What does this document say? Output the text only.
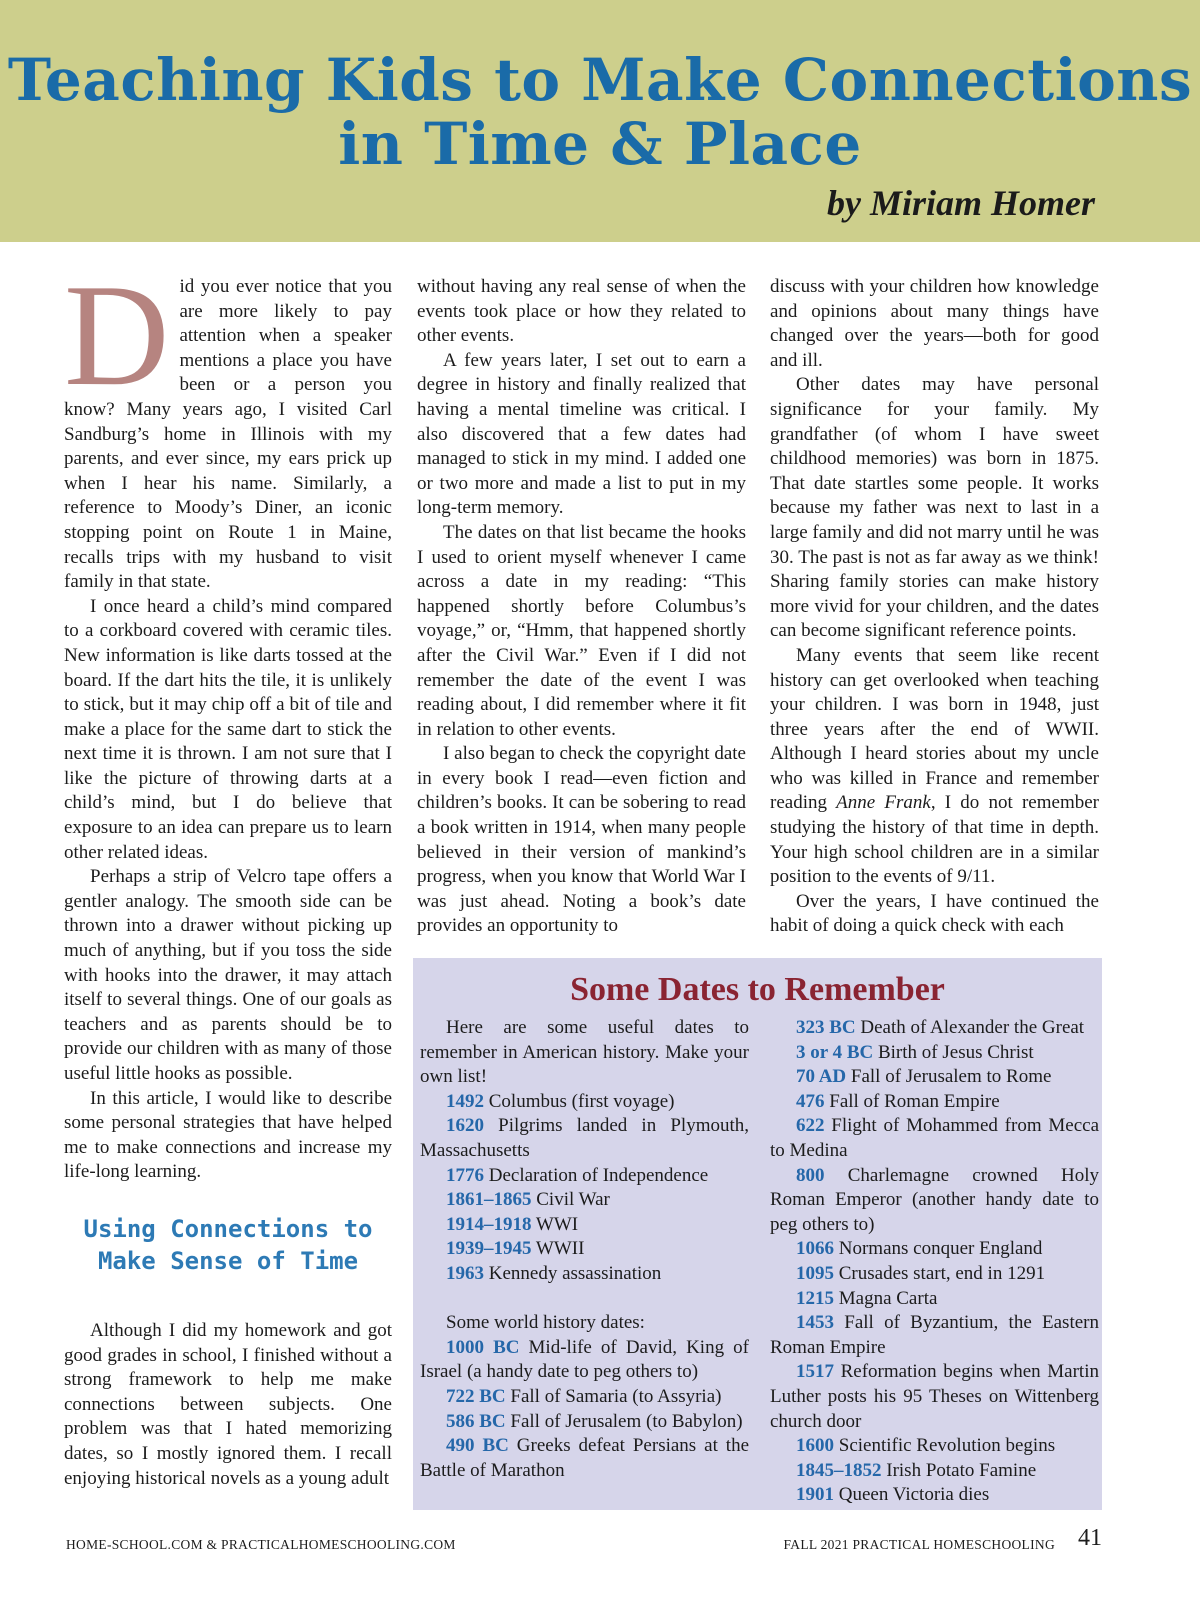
Teaching Kids to Make Connections
in Time & Place
by Miriam Homer

Did you ever notice that you are more likely to pay attention when a speaker mentions a place you have been or a person you know? Many years ago, I visited Carl Sandburg’s home in Illinois with my parents, and ever since, my ears prick up when I hear his name. Similarly, a reference to Moody’s Diner, an iconic stopping point on Route 1 in Maine, recalls trips with my husband to visit family in that state.

I once heard a child’s mind compared to a corkboard covered with ceramic tiles. New information is like darts tossed at the board. If the dart hits the tile, it is unlikely to stick, but it may chip off a bit of tile and make a place for the same dart to stick the next time it is thrown. I am not sure that I like the picture of throwing darts at a child’s mind, but I do believe that exposure to an idea can prepare us to learn other related ideas.

Perhaps a strip of Velcro tape offers a gentler analogy. The smooth side can be thrown into a drawer without picking up much of anything, but if you toss the side with hooks into the drawer, it may attach itself to several things. One of our goals as teachers and as parents should be to provide our children with as many of those useful little hooks as possible.

In this article, I would like to describe some personal strategies that have helped me to make connections and increase my life-long learning.

Using Connections to
Make Sense of Time

Although I did my homework and got good grades in school, I finished without a strong framework to help me make connections between subjects. One problem was that I hated memorizing dates, so I mostly ignored them. I recall enjoying historical novels as a young adult

without having any real sense of when the events took place or how they related to other events.

A few years later, I set out to earn a degree in history and finally realized that having a mental timeline was critical. I also discovered that a few dates had managed to stick in my mind. I added one or two more and made a list to put in my long-term memory.

The dates on that list became the hooks I used to orient myself whenever I came across a date in my reading: “This happened shortly before Columbus’s voyage,” or, “Hmm, that happened shortly after the Civil War.” Even if I did not remember the date of the event I was reading about, I did remember where it fit in relation to other events.

I also began to check the copyright date in every book I read—even fiction and children’s books. It can be sobering to read a book written in 1914, when many people believed in their version of mankind’s progress, when you know that World War I was just ahead. Noting a book’s date provides an opportunity to

discuss with your children how knowledge and opinions about many things have changed over the years—both for good and ill.

Other dates may have personal significance for your family. My grandfather (of whom I have sweet childhood memories) was born in 1875. That date startles some people. It works because my father was next to last in a large family and did not marry until he was 30. The past is not as far away as we think! Sharing family stories can make history more vivid for your children, and the dates can become significant reference points.

Many events that seem like recent history can get overlooked when teaching your children. I was born in 1948, just three years after the end of WWII. Although I heard stories about my uncle who was killed in France and remember reading Anne Frank, I do not remember studying the history of that time in depth. Your high school children are in a similar position to the events of 9/11.

Over the years, I have continued the habit of doing a quick check with each

Some Dates to Remember

Here are some useful dates to remember in American history. Make your own list!

1492 Columbus (first voyage)

1620 Pilgrims landed in Plymouth, Massachusetts

1776 Declaration of Independence

1861–1865 Civil War

1914–1918 WWI

1939–1945 WWII

1963 Kennedy assassination

Some world history dates:

1000 BC Mid-life of David, King of Israel (a handy date to peg others to)

722 BC Fall of Samaria (to Assyria)

586 BC Fall of Jerusalem (to Babylon)

490 BC Greeks defeat Persians at the Battle of Marathon

323 BC Death of Alexander the Great

3 or 4 BC Birth of Jesus Christ

70 AD Fall of Jerusalem to Rome

476 Fall of Roman Empire

622 Flight of Mohammed from Mecca to Medina

800 Charlemagne crowned Holy Roman Emperor (another handy date to peg others to)

1066 Normans conquer England

1095 Crusades start, end in 1291

1215 Magna Carta

1453 Fall of Byzantium, the Eastern Roman Empire

1517 Reformation begins when Martin Luther posts his 95 Theses on Wittenberg church door

1600 Scientific Revolution begins

1845–1852 Irish Potato Famine

1901 Queen Victoria dies

HOME-SCHOOL.COM & PRACTICALHOMESCHOOLING.COM	FALL 2021 PRACTICAL HOMESCHOOLING 41
